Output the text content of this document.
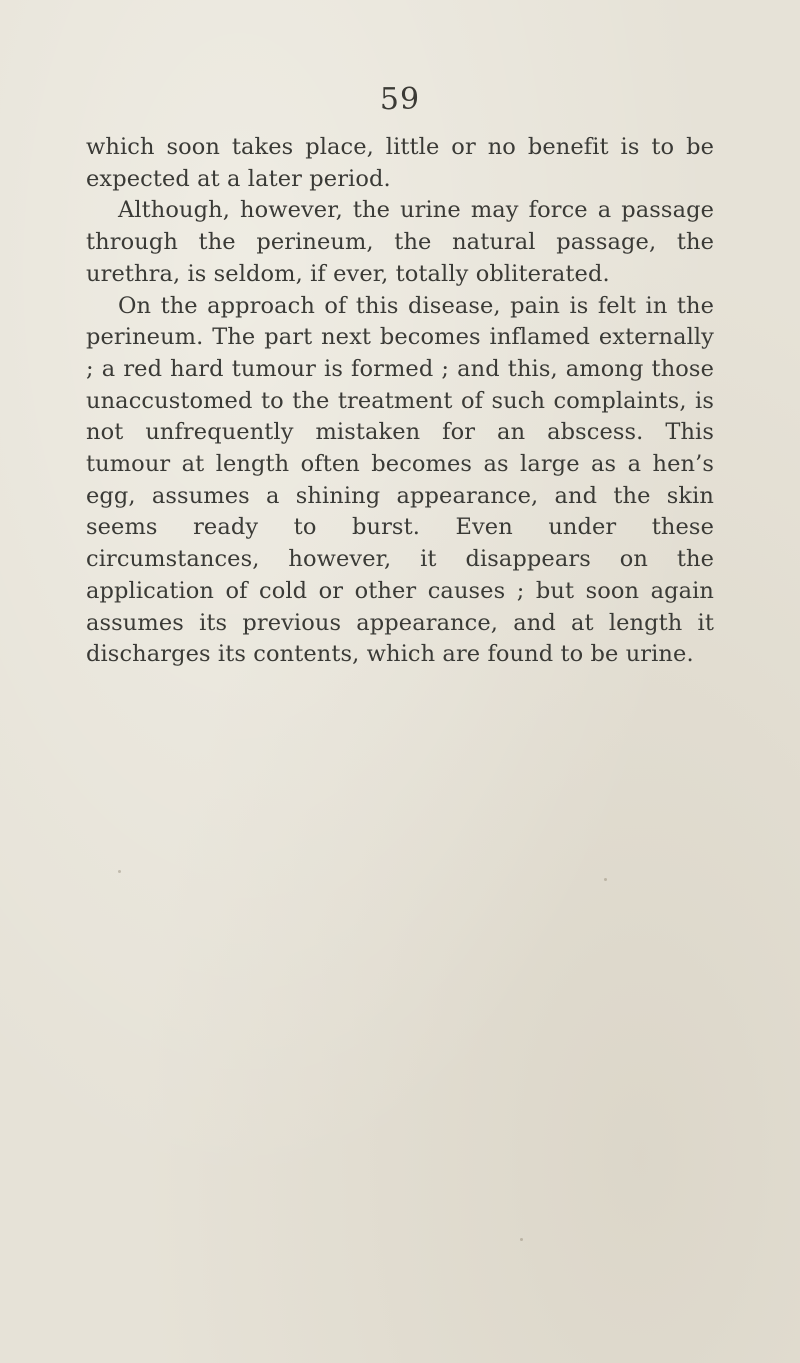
59

which soon takes place, little or no benefit is to be expected at a later period.

Although, however, the urine may force a passage through the perineum, the natural passage, the urethra, is seldom, if ever, totally obliterated.

On the approach of this disease, pain is felt in the perineum. The part next becomes inflamed externally ; a red hard tumour is formed ; and this, among those unaccustomed to the treatment of such complaints, is not unfrequently mistaken for an abscess. This tumour at length often becomes as large as a hen’s egg, assumes a shining appearance, and the skin seems ready to burst. Even under these circumstances, however, it disappears on the application of cold or other causes ; but soon again assumes its previous appearance, and at length it discharges its contents, which are found to be urine.
